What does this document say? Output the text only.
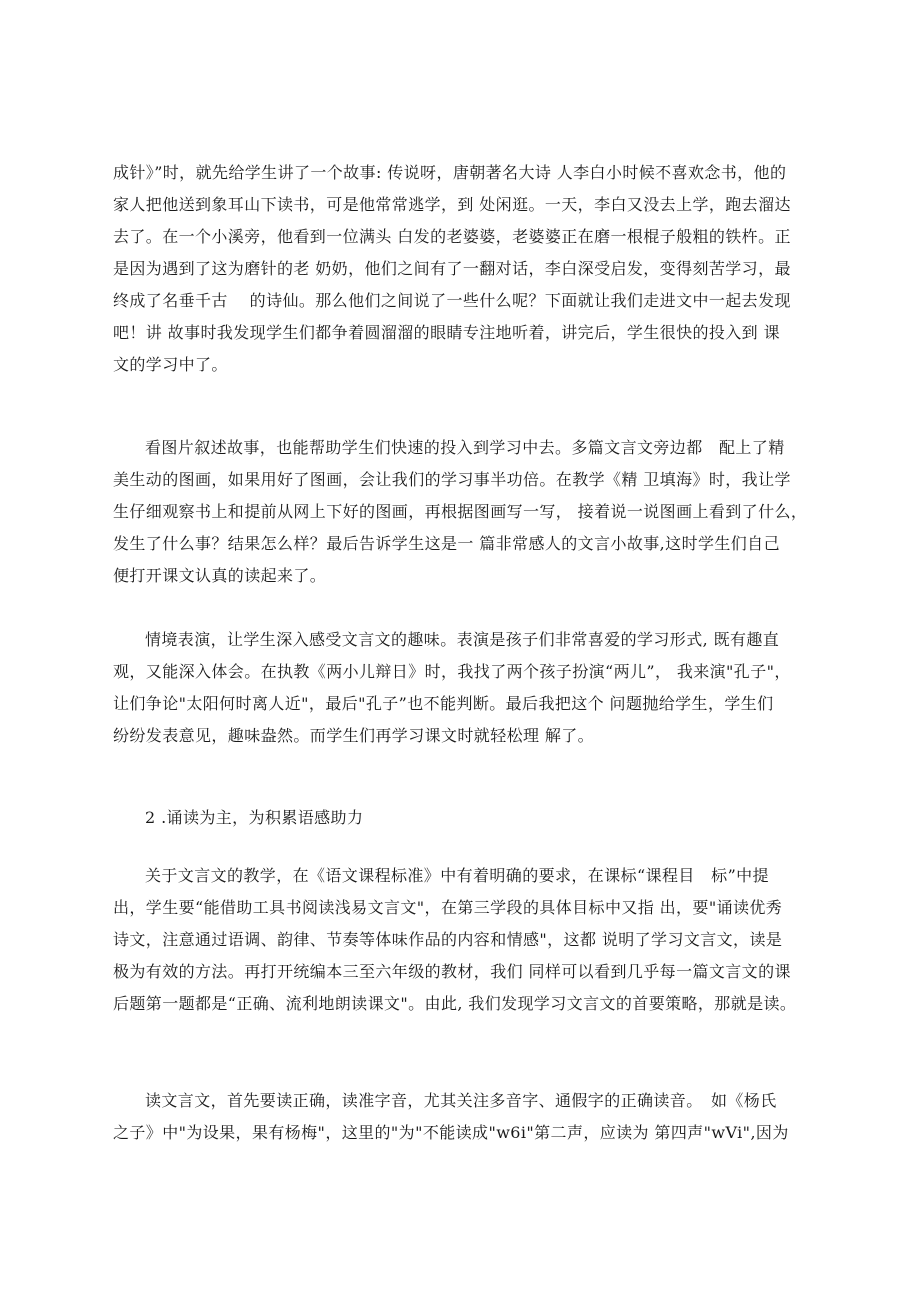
成针》”时，就先给学生讲了一个故事: 传说呀，唐朝著名大诗 人李白小时候不喜欢念书，他的
家人把他送到象耳山下读书，可是他常常逃学，到 处闲逛。一天，李白又没去上学，跑去溜达
去了。在一个小溪旁，他看到一位满头 白发的老婆婆，老婆婆正在磨一根棍子般粗的铁杵。正
是因为遇到了这为磨针的老 奶奶，他们之间有了一翻对话，李白深受启发，变得刻苦学习，最
终成了名垂千古　 的诗仙。那么他们之间说了一些什么呢？下面就让我们走进文中一起去发现
吧！讲 故事时我发现学生们都争着圆溜溜的眼睛专注地听着，讲完后，学生很快的投入到 课
文的学习中了。
看图片叙述故事，也能帮助学生们快速的投入到学习中去。多篇文言文旁边都　配上了精
美生动的图画，如果用好了图画，会让我们的学习事半功倍。在教学《精 卫填海》时，我让学
生仔细观察书上和提前从网上下好的图画，再根据图画写一写， 接着说一说图画上看到了什么，
发生了什么事？结果怎么样？最后告诉学生这是一 篇非常感人的文言小故事,这时学生们自己
便打开课文认真的读起来了。
情境表演，让学生深入感受文言文的趣味。表演是孩子们非常喜爱的学习形式, 既有趣直
观，又能深入体会。在执教《两小儿辩日》时，我找了两个孩子扮演“两儿”， 我来演"孔子"，
让们争论"太阳何时离人近"，最后"孔子”也不能判断。最后我把这个 问题抛给学生，学生们
纷纷发表意见，趣味盎然。而学生们再学习课文时就轻松理 解了。
2 .诵读为主，为积累语感助力
关于文言文的教学，在《语文课程标准》中有着明确的要求，在课标“课程目　标”中提
出，学生要“能借助工具书阅读浅易文言文"，在第三学段的具体目标中又指 出，要"诵读优秀
诗文，注意通过语调、韵律、节奏等体味作品的内容和情感"，这都 说明了学习文言文，读是
极为有效的方法。再打开统编本三至六年级的教材，我们 同样可以看到几乎每一篇文言文的课
后题第一题都是“正确、流利地朗读课文"。由此, 我们发现学习文言文的首要策略，那就是读。
读文言文，首先要读正确，读准字音，尤其关注多音字、通假字的正确读音。　如《杨氏
之子》中"为设果，果有杨梅"，这里的"为"不能读成"w6i"第二声，应读为 第四声"wVi",因为
